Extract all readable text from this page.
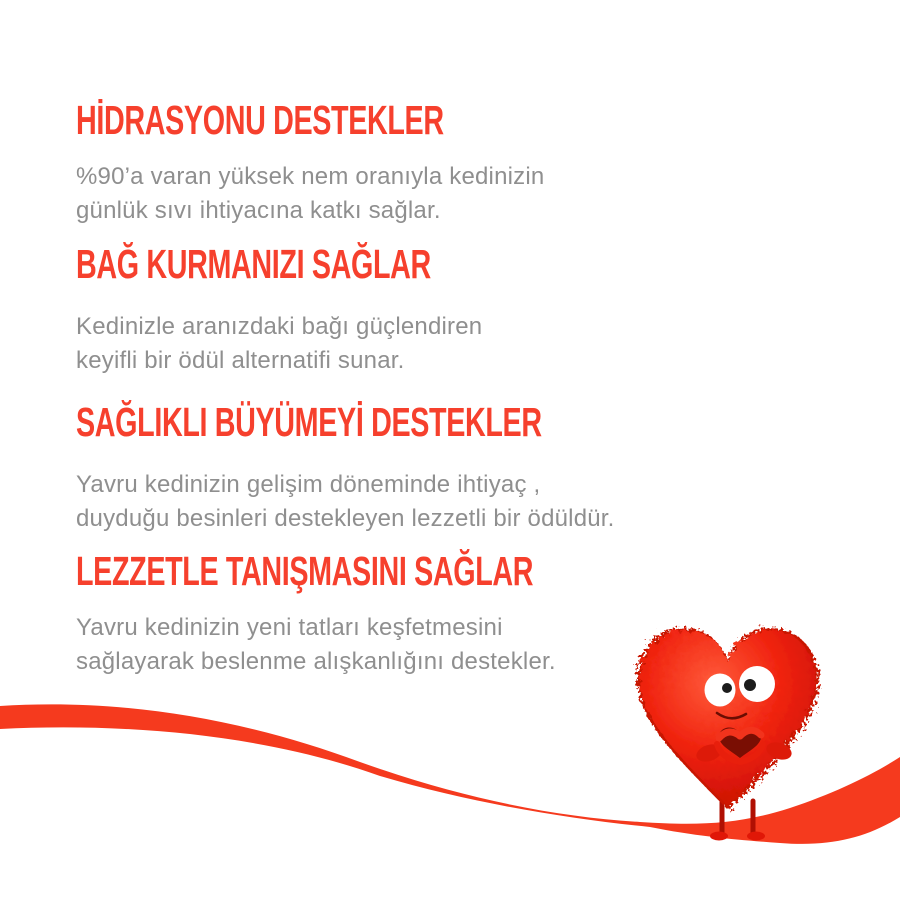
HİDRASYONU DESTEKLER
%90’a varan yüksek nem oranıyla kedinizin
günlük sıvı ihtiyacına katkı sağlar.
BAĞ KURMANIZI SAĞLAR
Kedinizle aranızdaki bağı güçlendiren
keyifli bir ödül alternatifi sunar.
SAĞLIKLI BÜYÜMEYİ DESTEKLER
Yavru kedinizin gelişim döneminde ihtiyaç ,
duyduğu besinleri destekleyen lezzetli bir ödüldür.
LEZZETLE TANIŞMASINI SAĞLAR
Yavru kedinizin yeni tatları keşfetmesini
sağlayarak beslenme alışkanlığını destekler.
